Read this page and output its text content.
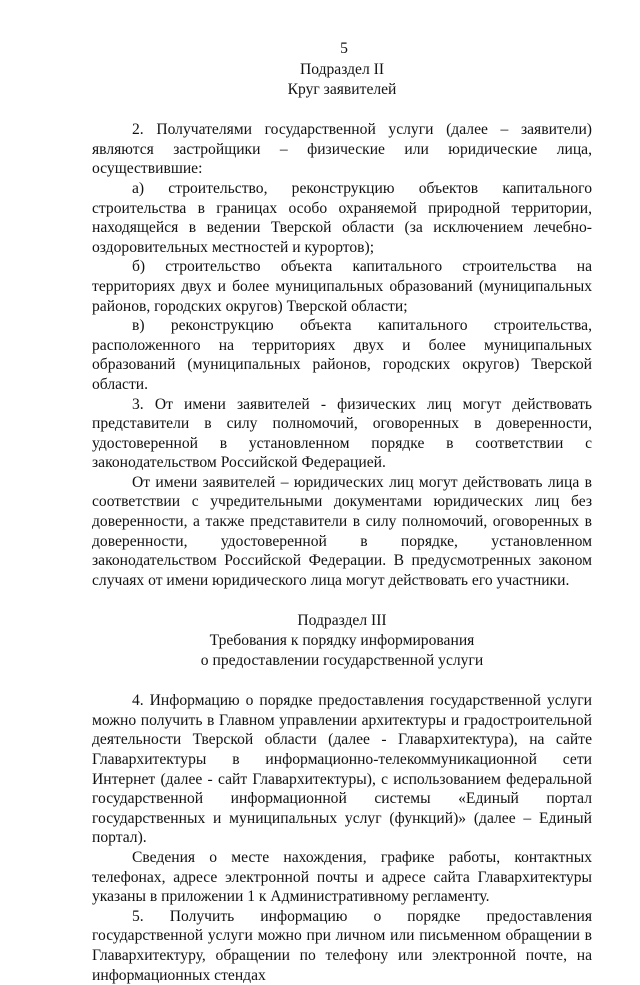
5
Подраздел II
Круг заявителей

2. Получателями государственной услуги (далее – заявители) являются застройщики – физические или юридические лица, осуществившие:

а) строительство, реконструкцию объектов капитального строительства в границах особо охраняемой природной территории, находящейся в ведении Тверской области (за исключением лечебно-оздоровительных местностей и курортов);

б) строительство объекта капитального строительства на территориях двух и более муниципальных образований (муниципальных районов, городских округов) Тверской области;

в) реконструкцию объекта капитального строительства, расположенного на территориях двух и более муниципальных образований (муниципальных районов, городских округов) Тверской области.

3. От имени заявителей - физических лиц могут действовать представители в силу полномочий, оговоренных в доверенности, удостоверенной в установленном порядке в соответствии с законодательством Российской Федерацией.

От имени заявителей – юридических лиц могут действовать лица в соответствии с учредительными документами юридических лиц без доверенности, а также представители в силу полномочий, оговоренных в доверенности, удостоверенной в порядке, установленном законодательством Российской Федерации. В предусмотренных законом случаях от имени юридического лица могут действовать его участники.

Подраздел III
Требования к порядку информирования
о предоставлении государственной услуги

4. Информацию о порядке предоставления государственной услуги можно получить в Главном управлении архитектуры и градостроительной деятельности Тверской области (далее - Главархитектура), на сайте Главархитектуры в информационно-телекоммуникационной сети Интернет (далее - сайт Главархитектуры), с использованием федеральной государственной информационной системы «Единый портал государственных и муниципальных услуг (функций)» (далее – Единый портал).

Сведения о месте нахождения, графике работы, контактных телефонах, адресе электронной почты и адресе сайта Главархитектуры указаны в приложении 1 к Административному регламенту.

5. Получить информацию о порядке предоставления государственной услуги можно при личном или письменном обращении в Главархитектуру, обращении по телефону или электронной почте, на информационных стендах
